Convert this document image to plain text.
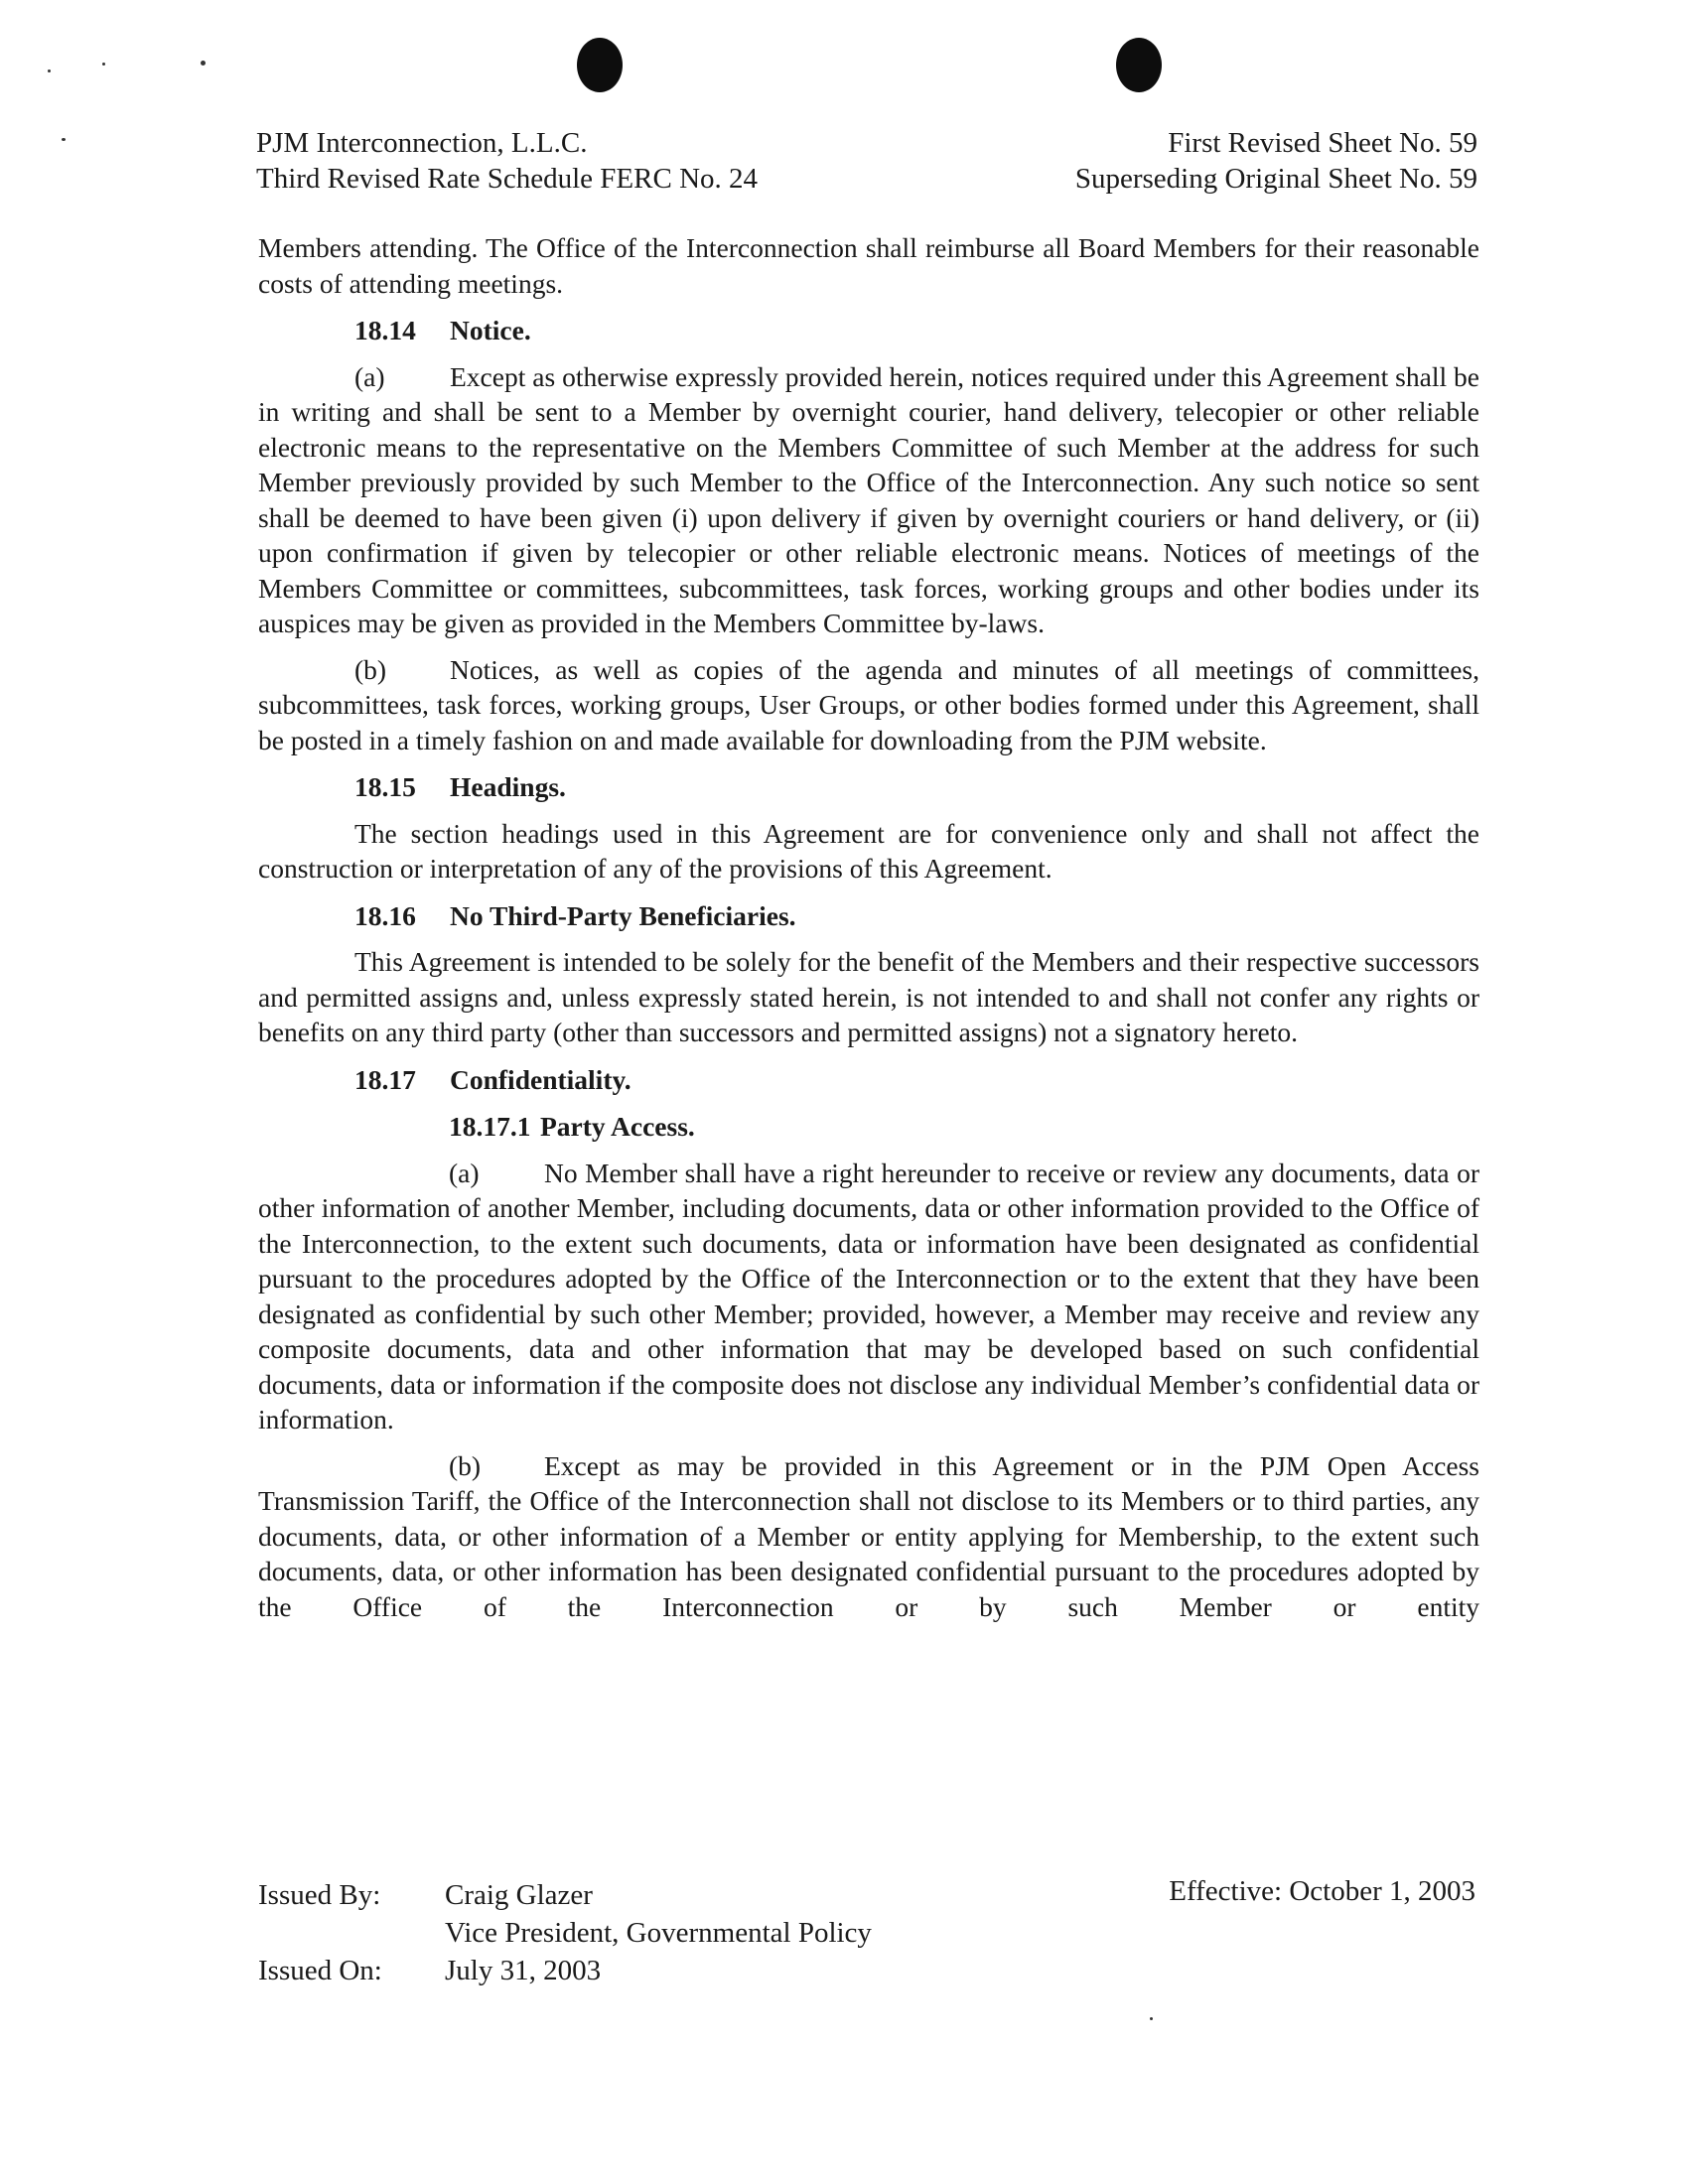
PJM Interconnection, L.L.C.
Third Revised Rate Schedule FERC No. 24
First Revised Sheet No. 59
Superseding Original Sheet No. 59

Members attending. The Office of the Interconnection shall reimburse all Board Members for their reasonable costs of attending meetings.

18.14 Notice.

(a) Except as otherwise expressly provided herein, notices required under this Agreement shall be in writing and shall be sent to a Member by overnight courier, hand delivery, telecopier or other reliable electronic means to the representative on the Members Committee of such Member at the address for such Member previously provided by such Member to the Office of the Interconnection. Any such notice so sent shall be deemed to have been given (i) upon delivery if given by overnight couriers or hand delivery, or (ii) upon confirmation if given by telecopier or other reliable electronic means. Notices of meetings of the Members Committee or committees, subcommittees, task forces, working groups and other bodies under its auspices may be given as provided in the Members Committee by-laws.

(b) Notices, as well as copies of the agenda and minutes of all meetings of committees, subcommittees, task forces, working groups, User Groups, or other bodies formed under this Agreement, shall be posted in a timely fashion on and made available for downloading from the PJM website.

18.15 Headings.

The section headings used in this Agreement are for convenience only and shall not affect the construction or interpretation of any of the provisions of this Agreement.

18.16 No Third-Party Beneficiaries.

This Agreement is intended to be solely for the benefit of the Members and their respective successors and permitted assigns and, unless expressly stated herein, is not intended to and shall not confer any rights or benefits on any third party (other than successors and permitted assigns) not a signatory hereto.

18.17 Confidentiality.
18.17.1 Party Access.

(a) No Member shall have a right hereunder to receive or review any documents, data or other information of another Member, including documents, data or other information provided to the Office of the Interconnection, to the extent such documents, data or information have been designated as confidential pursuant to the procedures adopted by the Office of the Interconnection or to the extent that they have been designated as confidential by such other Member; provided, however, a Member may receive and review any composite documents, data and other information that may be developed based on such confidential documents, data or information if the composite does not disclose any individual Member’s confidential data or information.

(b) Except as may be provided in this Agreement or in the PJM Open Access Transmission Tariff, the Office of the Interconnection shall not disclose to its Members or to third parties, any documents, data, or other information of a Member or entity applying for Membership, to the extent such documents, data, or other information has been designated confidential pursuant to the procedures adopted by the Office of the Interconnection or by such Member or entity

Issued By:

Issued On:
Craig Glazer
Vice President, Governmental Policy
July 31, 2003
Effective: October 1, 2003
